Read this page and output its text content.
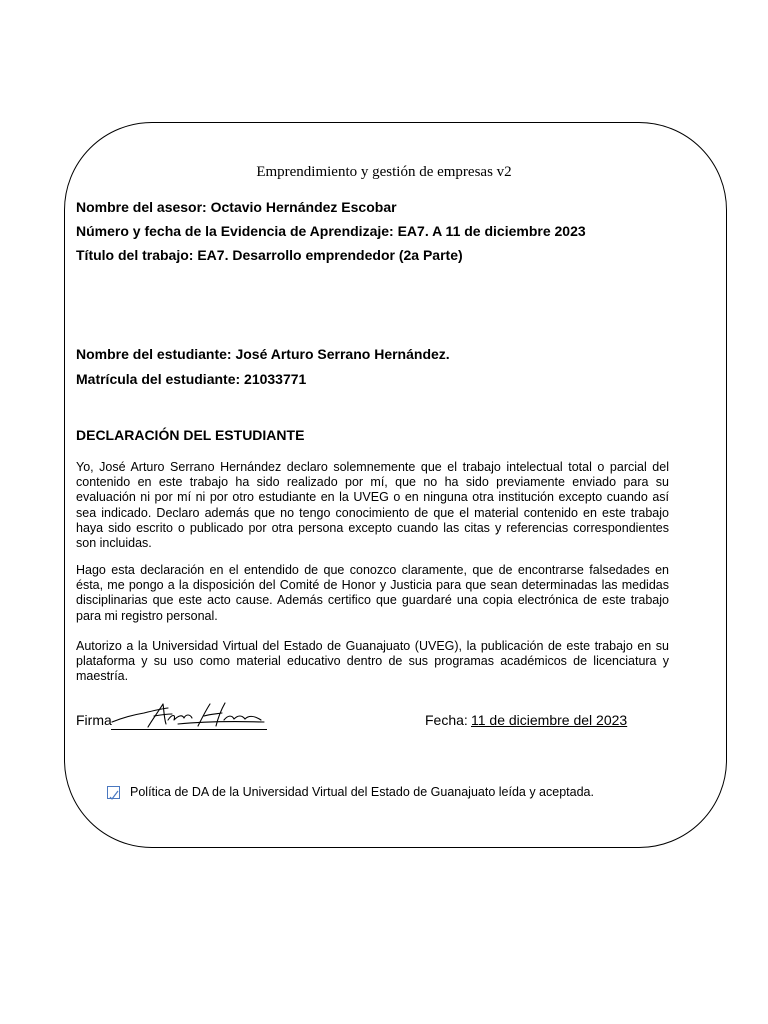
Emprendimiento y gestión de empresas v2
Nombre del asesor: Octavio Hernández Escobar
Número y fecha de la Evidencia de Aprendizaje: EA7. A 11 de diciembre 2023
Título del trabajo: EA7. Desarrollo emprendedor (2a Parte)
Nombre del estudiante: José Arturo Serrano Hernández.
Matrícula del estudiante: 21033771
DECLARACIÓN DEL ESTUDIANTE

Yo, José Arturo Serrano Hernández declaro solemnemente que el trabajo intelectual total o parcial del contenido en este trabajo ha sido realizado por mí, que no ha sido previamente enviado para su evaluación ni por mí ni por otro estudiante en la UVEG o en ninguna otra institución excepto cuando así sea indicado. Declaro además que no tengo conocimiento de que el material contenido en este trabajo haya sido escrito o publicado por otra persona excepto cuando las citas y referencias correspondientes son incluidas.

Hago esta declaración en el entendido de que conozco claramente, que de encontrarse falsedades en ésta, me pongo a la disposición del Comité de Honor y Justicia para que sean determinadas las medidas disciplinarias que este acto cause. Además certifico que guardaré una copia electrónica de este trabajo para mi registro personal.

Autorizo a la Universidad Virtual del Estado de Guanajuato (UVEG), la publicación de este trabajo en su plataforma y su uso como material educativo dentro de sus programas académicos de licenciatura y maestría.

Firma	Fecha: 11 de diciembre del 2023
Política de DA de la Universidad Virtual del Estado de Guanajuato leída y aceptada.
